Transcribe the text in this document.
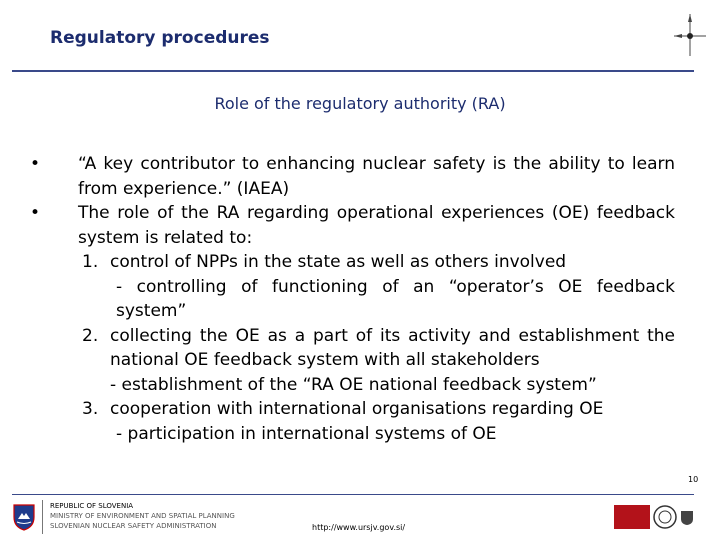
Regulatory procedures
Role of the regulatory authority (RA)
• “A key contributor to enhancing nuclear safety is the ability to learn from experience.” (IAEA)
• The role of the RA regarding operational experiences (OE) feedback system is related to:
1. control of NPPs in the state as well as others involved
- controlling of functioning of an “operator’s OE feedback system”
2. collecting the OE as a part of its activity and establishment the national OE feedback system with all stakeholders
- establishment of the “RA OE national feedback system”
3. cooperation with international organisations regarding OE
- participation in international systems of OE
10
REPUBLIC OF SLOVENIA
MINISTRY OF ENVIRONMENT AND SPATIAL PLANNING
SLOVENIAN NUCLEAR SAFETY ADMINISTRATION	http://www.ursjv.gov.si/
